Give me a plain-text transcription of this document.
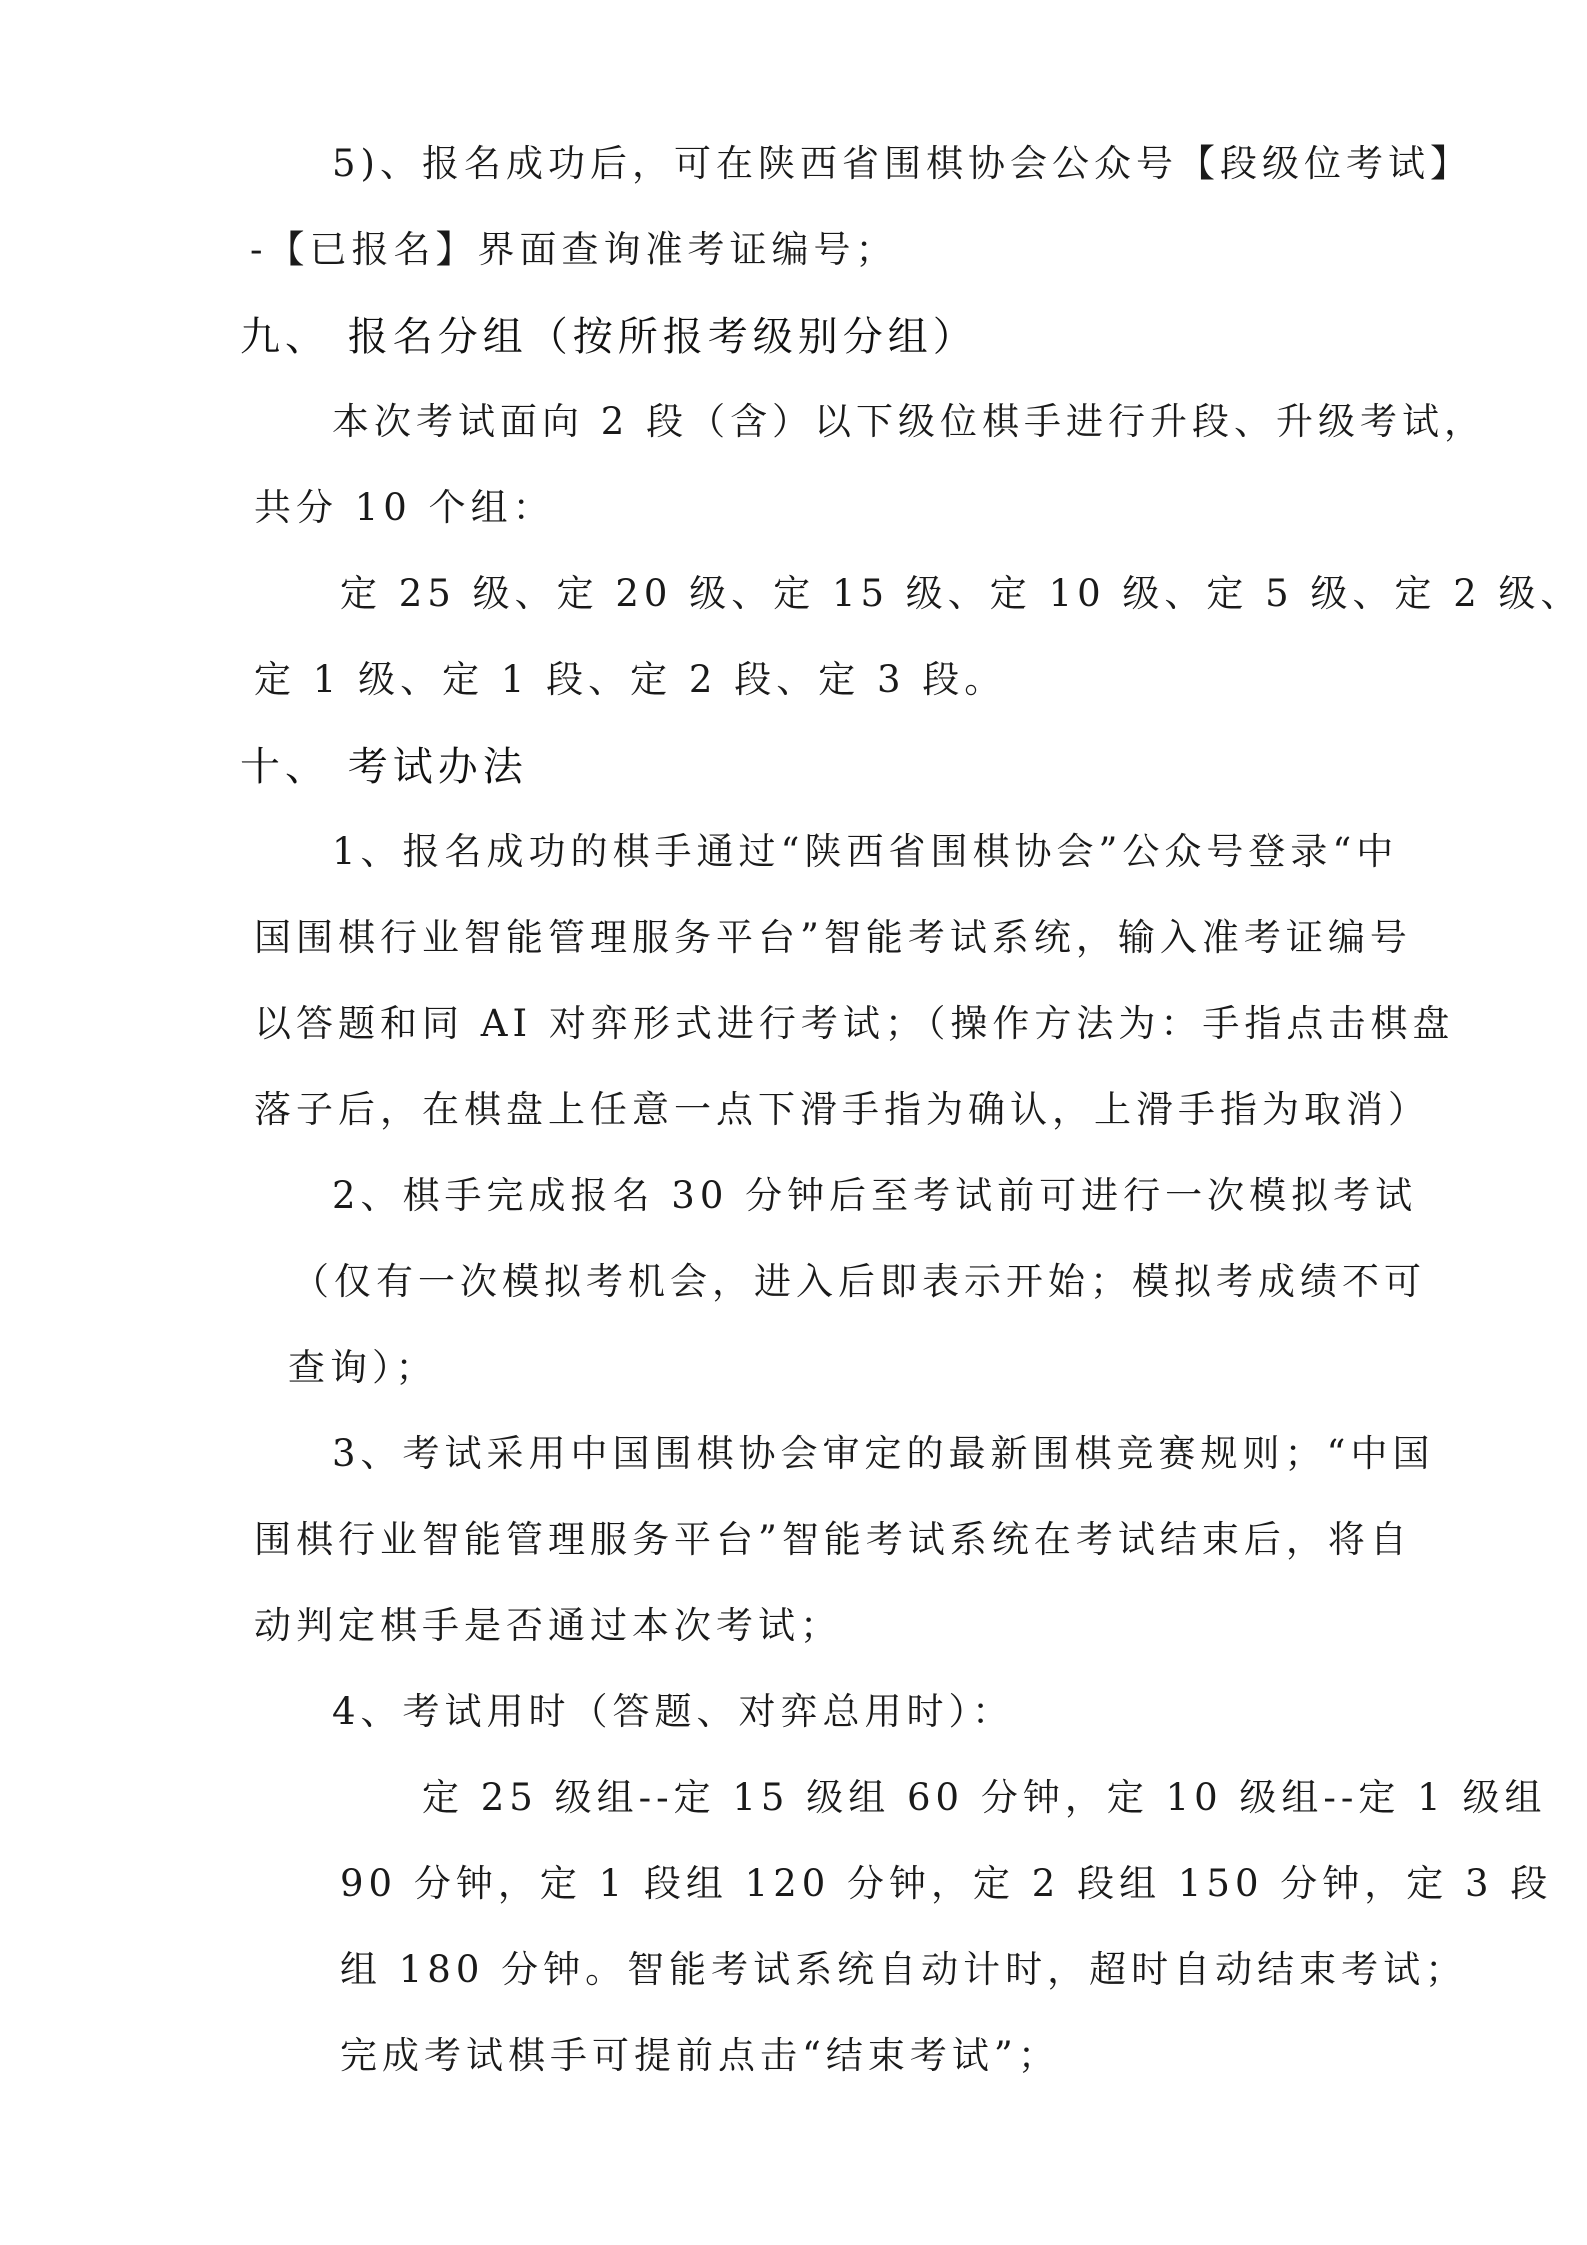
5)、报名成功后，可在陕西省围棋协会公众号【段级位考试】
-【已报名】界面查询准考证编号；
九、 报名分组（按所报考级别分组）
本次考试面向 2 段（含）以下级位棋手进行升段、升级考试，
共分 10 个组：
定 25 级、定 20 级、定 15 级、定 10 级、定 5 级、定 2 级、
定 1 级、定 1 段、定 2 段、定 3 段。
十、 考试办法
1、报名成功的棋手通过“陕西省围棋协会”公众号登录“中
国围棋行业智能管理服务平台”智能考试系统，输入准考证编号
以答题和同 AI 对弈形式进行考试；（操作方法为：手指点击棋盘
落子后，在棋盘上任意一点下滑手指为确认，上滑手指为取消）
2、棋手完成报名 30 分钟后至考试前可进行一次模拟考试
（仅有一次模拟考机会，进入后即表示开始；模拟考成绩不可
查询）；
3、考试采用中国围棋协会审定的最新围棋竞赛规则；“中国
围棋行业智能管理服务平台”智能考试系统在考试结束后，将自
动判定棋手是否通过本次考试；
4、考试用时（答题、对弈总用时）：
定 25 级组--定 15 级组 60 分钟，定 10 级组--定 1 级组
90 分钟，定 1 段组 120 分钟，定 2 段组 150 分钟，定 3 段
组 180 分钟。智能考试系统自动计时，超时自动结束考试；
完成考试棋手可提前点击“结束考试”；
